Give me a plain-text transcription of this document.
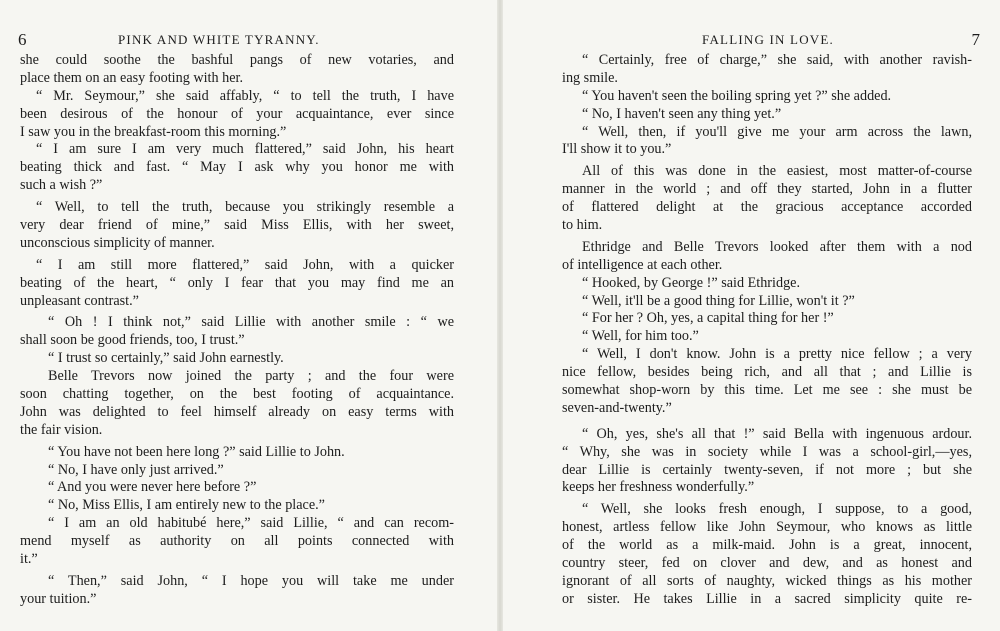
6	PINK AND WHITE TYRANNY.
she could soothe the bashful pangs of new votaries, and
place them on an easy footing with her.
“ Mr. Seymour,” she said affably, “ to tell the truth, I have
been desirous of the honour of your acquaintance, ever since
I saw you in the breakfast-room this morning.”
“ I am sure I am very much flattered,” said John, his heart
beating thick and fast. “ May I ask why you honor me with
such a wish ?”
“ Well, to tell the truth, because you strikingly resemble a
very dear friend of mine,” said Miss Ellis, with her sweet,
unconscious simplicity of manner.
“ I am still more flattered,” said John, with a quicker
beating of the heart, “ only I fear that you may find me an
unpleasant contrast.”
“ Oh ! I think not,” said Lillie with another smile : “ we
shall soon be good friends, too, I trust.”
“ I trust so certainly,” said John earnestly.
Belle Trevors now joined the party ; and the four were
soon chatting together, on the best footing of acquaintance.
John was delighted to feel himself already on easy terms with
the fair vision.
“ You have not been here long ?” said Lillie to John.
“ No, I have only just arrived.”
“ And you were never here before ?”
“ No, Miss Ellis, I am entirely new to the place.”
“ I am an old habitubé here,” said Lillie, “ and can recom-
mend myself as authority on all points connected with
it.”
“ Then,” said John, “ I hope you will take me under
your tuition.”
FALLING IN LOVE.	7
“ Certainly, free of charge,” she said, with another ravish-
ing smile.
“ You haven't seen the boiling spring yet ?” she added.
“ No, I haven't seen any thing yet.”
“ Well, then, if you'll give me your arm across the lawn,
I'll show it to you.”
All of this was done in the easiest, most matter-of-course
manner in the world ; and off they started, John in a flutter
of flattered delight at the gracious acceptance accorded
to him.
Ethridge and Belle Trevors looked after them with a nod
of intelligence at each other.
“ Hooked, by George !” said Ethridge.
“ Well, it'll be a good thing for Lillie, won't it ?”
“ For her ? Oh, yes, a capital thing for her !”
“ Well, for him too.”
“ Well, I don't know. John is a pretty nice fellow ; a very
nice fellow, besides being rich, and all that ; and Lillie is
somewhat shop-worn by this time. Let me see : she must be
seven-and-twenty.”
“ Oh, yes, she's all that !” said Bella with ingenuous ardour.
“ Why, she was in society while I was a school-girl,—yes,
dear Lillie is certainly twenty-seven, if not more ; but she
keeps her freshness wonderfully.”
“ Well, she looks fresh enough, I suppose, to a good,
honest, artless fellow like John Seymour, who knows as little
of the world as a milk-maid. John is a great, innocent,
country steer, fed on clover and dew, and as honest and
ignorant of all sorts of naughty, wicked things as his mother
or sister. He takes Lillie in a sacred simplicity quite re-
